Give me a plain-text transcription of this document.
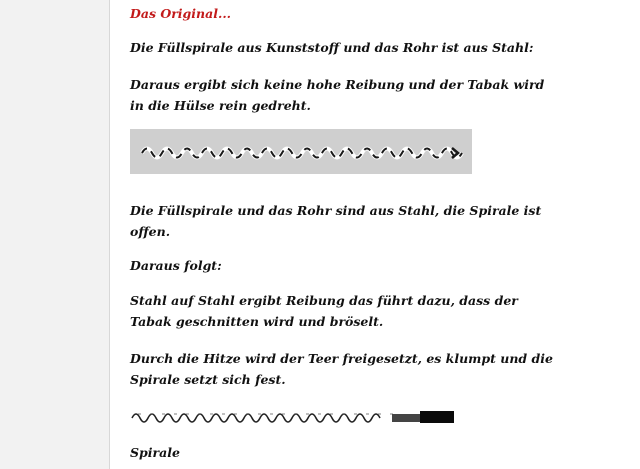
Das Original...

Die Füllspirale aus Kunststoff und das Rohr ist aus Stahl:

Daraus ergibt sich keine hohe Reibung und der Tabak wird
in die Hülse rein gedreht.

Die Füllspirale und das Rohr sind aus Stahl, die Spirale ist
offen.

Daraus folgt:

Stahl auf Stahl ergibt Reibung das führt dazu, dass der
Tabak geschnitten wird und bröselt.

Durch die Hitze wird der Teer freigesetzt, es klumpt und die
Spirale setzt sich fest.

Spirale
